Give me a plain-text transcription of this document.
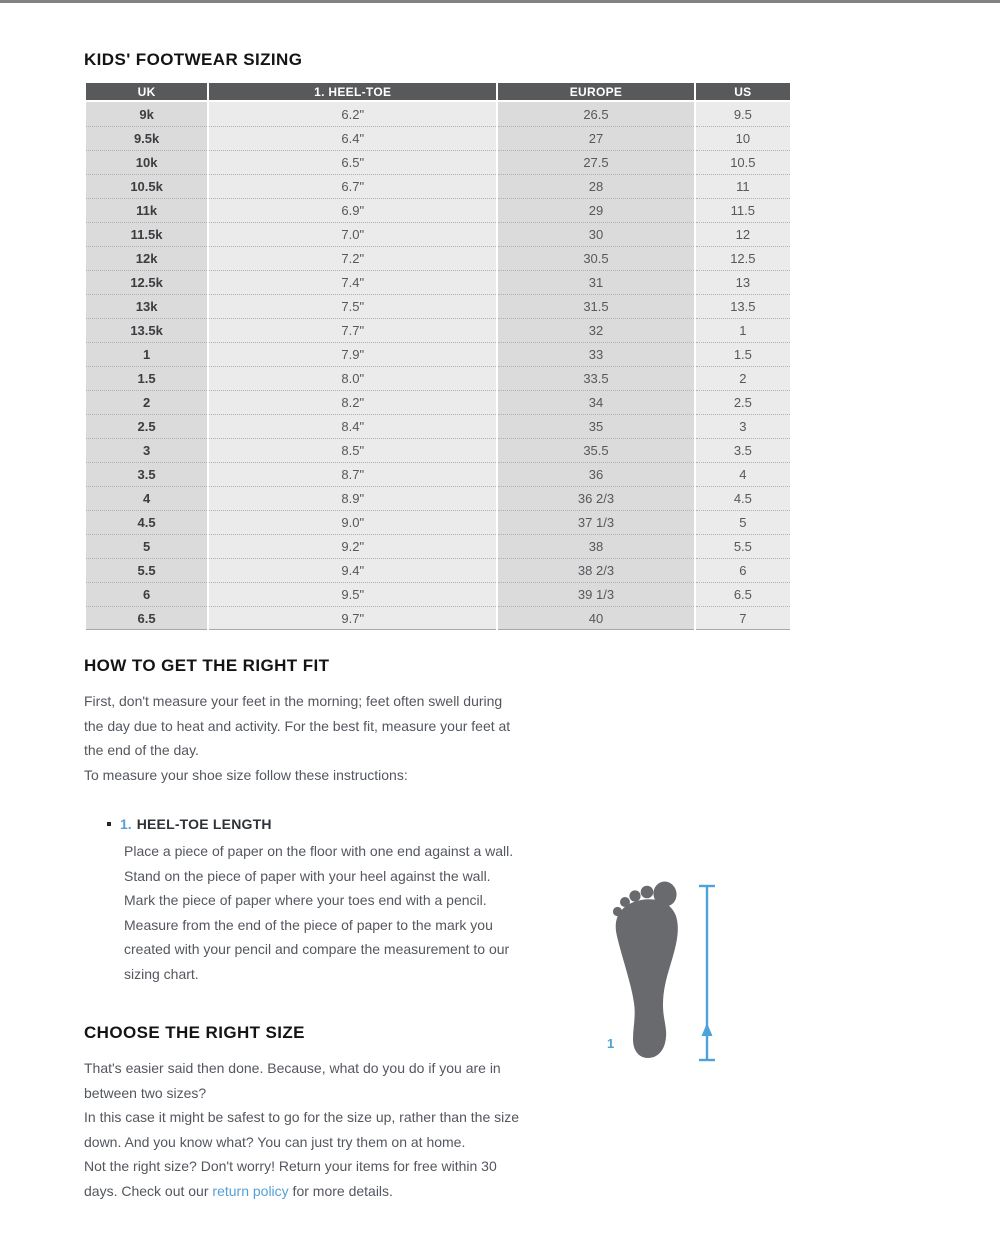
KIDS' FOOTWEAR SIZING
UK	1. HEEL-TOE	EUROPE	US
9k	6.2"	26.5	9.5
9.5k	6.4"	27	10
10k	6.5"	27.5	10.5
10.5k	6.7"	28	11
11k	6.9"	29	11.5
11.5k	7.0"	30	12
12k	7.2"	30.5	12.5
12.5k	7.4"	31	13
13k	7.5"	31.5	13.5
13.5k	7.7"	32	1
1	7.9"	33	1.5
1.5	8.0"	33.5	2
2	8.2"	34	2.5
2.5	8.4"	35	3
3	8.5"	35.5	3.5
3.5	8.7"	36	4
4	8.9"	36 2/3	4.5
4.5	9.0"	37 1/3	5
5	9.2"	38	5.5
5.5	9.4"	38 2/3	6
6	9.5"	39 1/3	6.5
6.5	9.7"	40	7
HOW TO GET THE RIGHT FIT

First, don't measure your feet in the morning; feet often swell during
the day due to heat and activity. For the best fit, measure your feet at
the end of the day.
To measure your shoe size follow these instructions:

1. HEEL-TOE LENGTH

Place a piece of paper on the floor with one end against a wall.
Stand on the piece of paper with your heel against the wall.
Mark the piece of paper where your toes end with a pencil.
Measure from the end of the piece of paper to the mark you
created with your pencil and compare the measurement to our
sizing chart.

CHOOSE THE RIGHT SIZE

That's easier said then done. Because, what do you do if you are in
between two sizes?
In this case it might be safest to go for the size up, rather than the size
down. And you know what? You can just try them on at home.
Not the right size? Don't worry! Return your items for free within 30
days. Check out our return policy for more details.

1
